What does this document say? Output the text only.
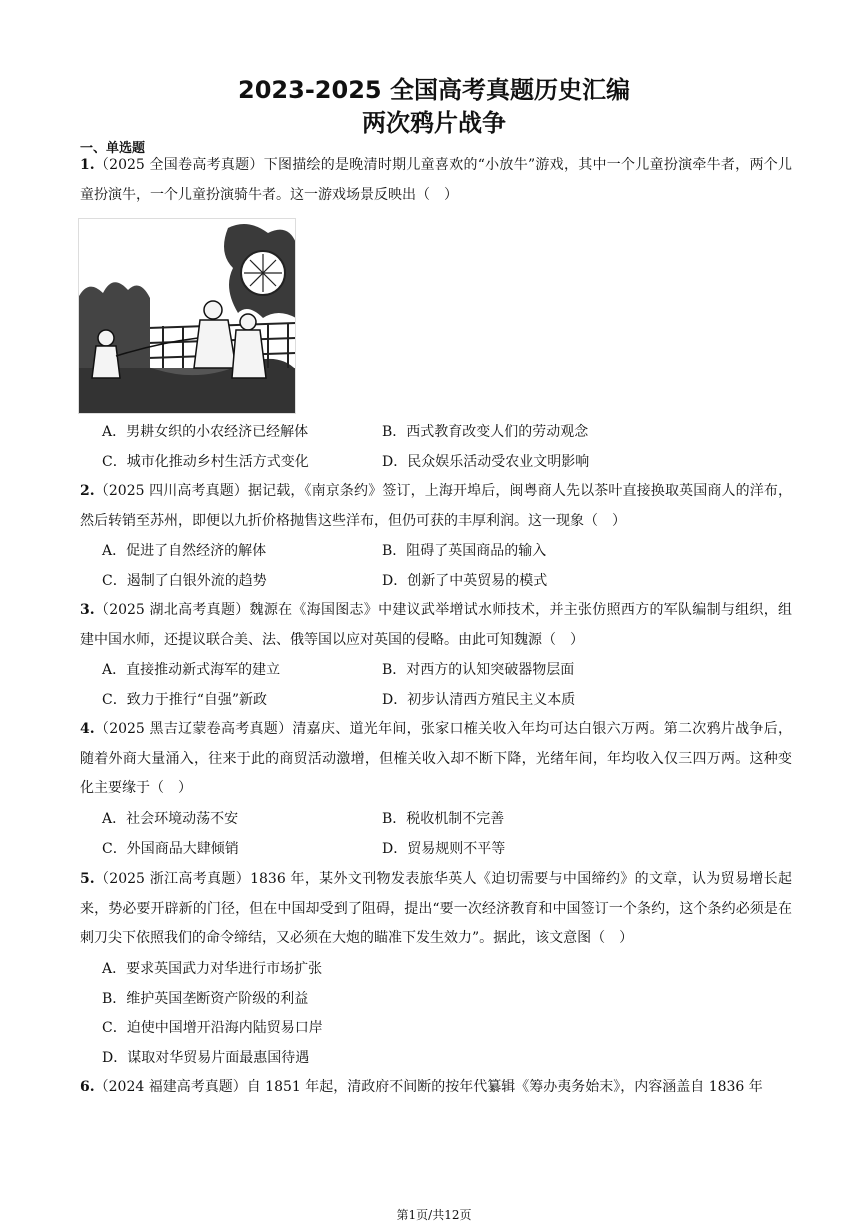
2023-2025 全国高考真题历史汇编
两次鸦片战争
一、单选题
1.（2025 全国卷高考真题）下图描绘的是晚清时期儿童喜欢的“小放牛”游戏，其中一个儿童扮演牵牛者，两个儿童扮演牛，一个儿童扮演骑牛者。这一游戏场景反映出（　）
A．男耕女织的小农经济已经解体	B．西式教育改变人们的劳动观念
C．城市化推动乡村生活方式变化	D．民众娱乐活动受农业文明影响
2.（2025 四川高考真题）据记载，《南京条约》签订，上海开埠后，闽粤商人先以茶叶直接换取英国商人的洋布，然后转销至苏州，即便以九折价格抛售这些洋布，但仍可获的丰厚利润。这一现象（　）
A．促进了自然经济的解体	B．阻碍了英国商品的输入
C．遏制了白银外流的趋势	D．创新了中英贸易的模式
3.（2025 湖北高考真题）魏源在《海国图志》中建议武举增试水师技术，并主张仿照西方的军队编制与组织，组建中国水师，还提议联合美、法、俄等国以应对英国的侵略。由此可知魏源（　）
A．直接推动新式海军的建立	B．对西方的认知突破器物层面
C．致力于推行“自强”新政	D．初步认清西方殖民主义本质
4.（2025 黑吉辽蒙卷高考真题）清嘉庆、道光年间，张家口榷关收入年均可达白银六万两。第二次鸦片战争后，随着外商大量涌入，往来于此的商贸活动激增，但榷关收入却不断下降，光绪年间，年均收入仅三四万两。这种变化主要缘于（　）
A．社会环境动荡不安	B．税收机制不完善
C．外国商品大肆倾销	D．贸易规则不平等
5.（2025 浙江高考真题）1836 年，某外文刊物发表旅华英人《迫切需要与中国缔约》的文章，认为贸易增长起来，势必要开辟新的门径，但在中国却受到了阻碍，提出“要一次经济教育和中国签订一个条约，这个条约必须是在刺刀尖下依照我们的命令缔结，又必须在大炮的瞄准下发生效力”。据此，该文意图（　）
A．要求英国武力对华进行市场扩张
B．维护英国垄断资产阶级的利益
C．迫使中国增开沿海内陆贸易口岸
D．谋取对华贸易片面最惠国待遇
6.（2024 福建高考真题）自 1851 年起，清政府不间断的按年代纂辑《筹办夷务始末》，内容涵盖自 1836 年
第1页/共12页
